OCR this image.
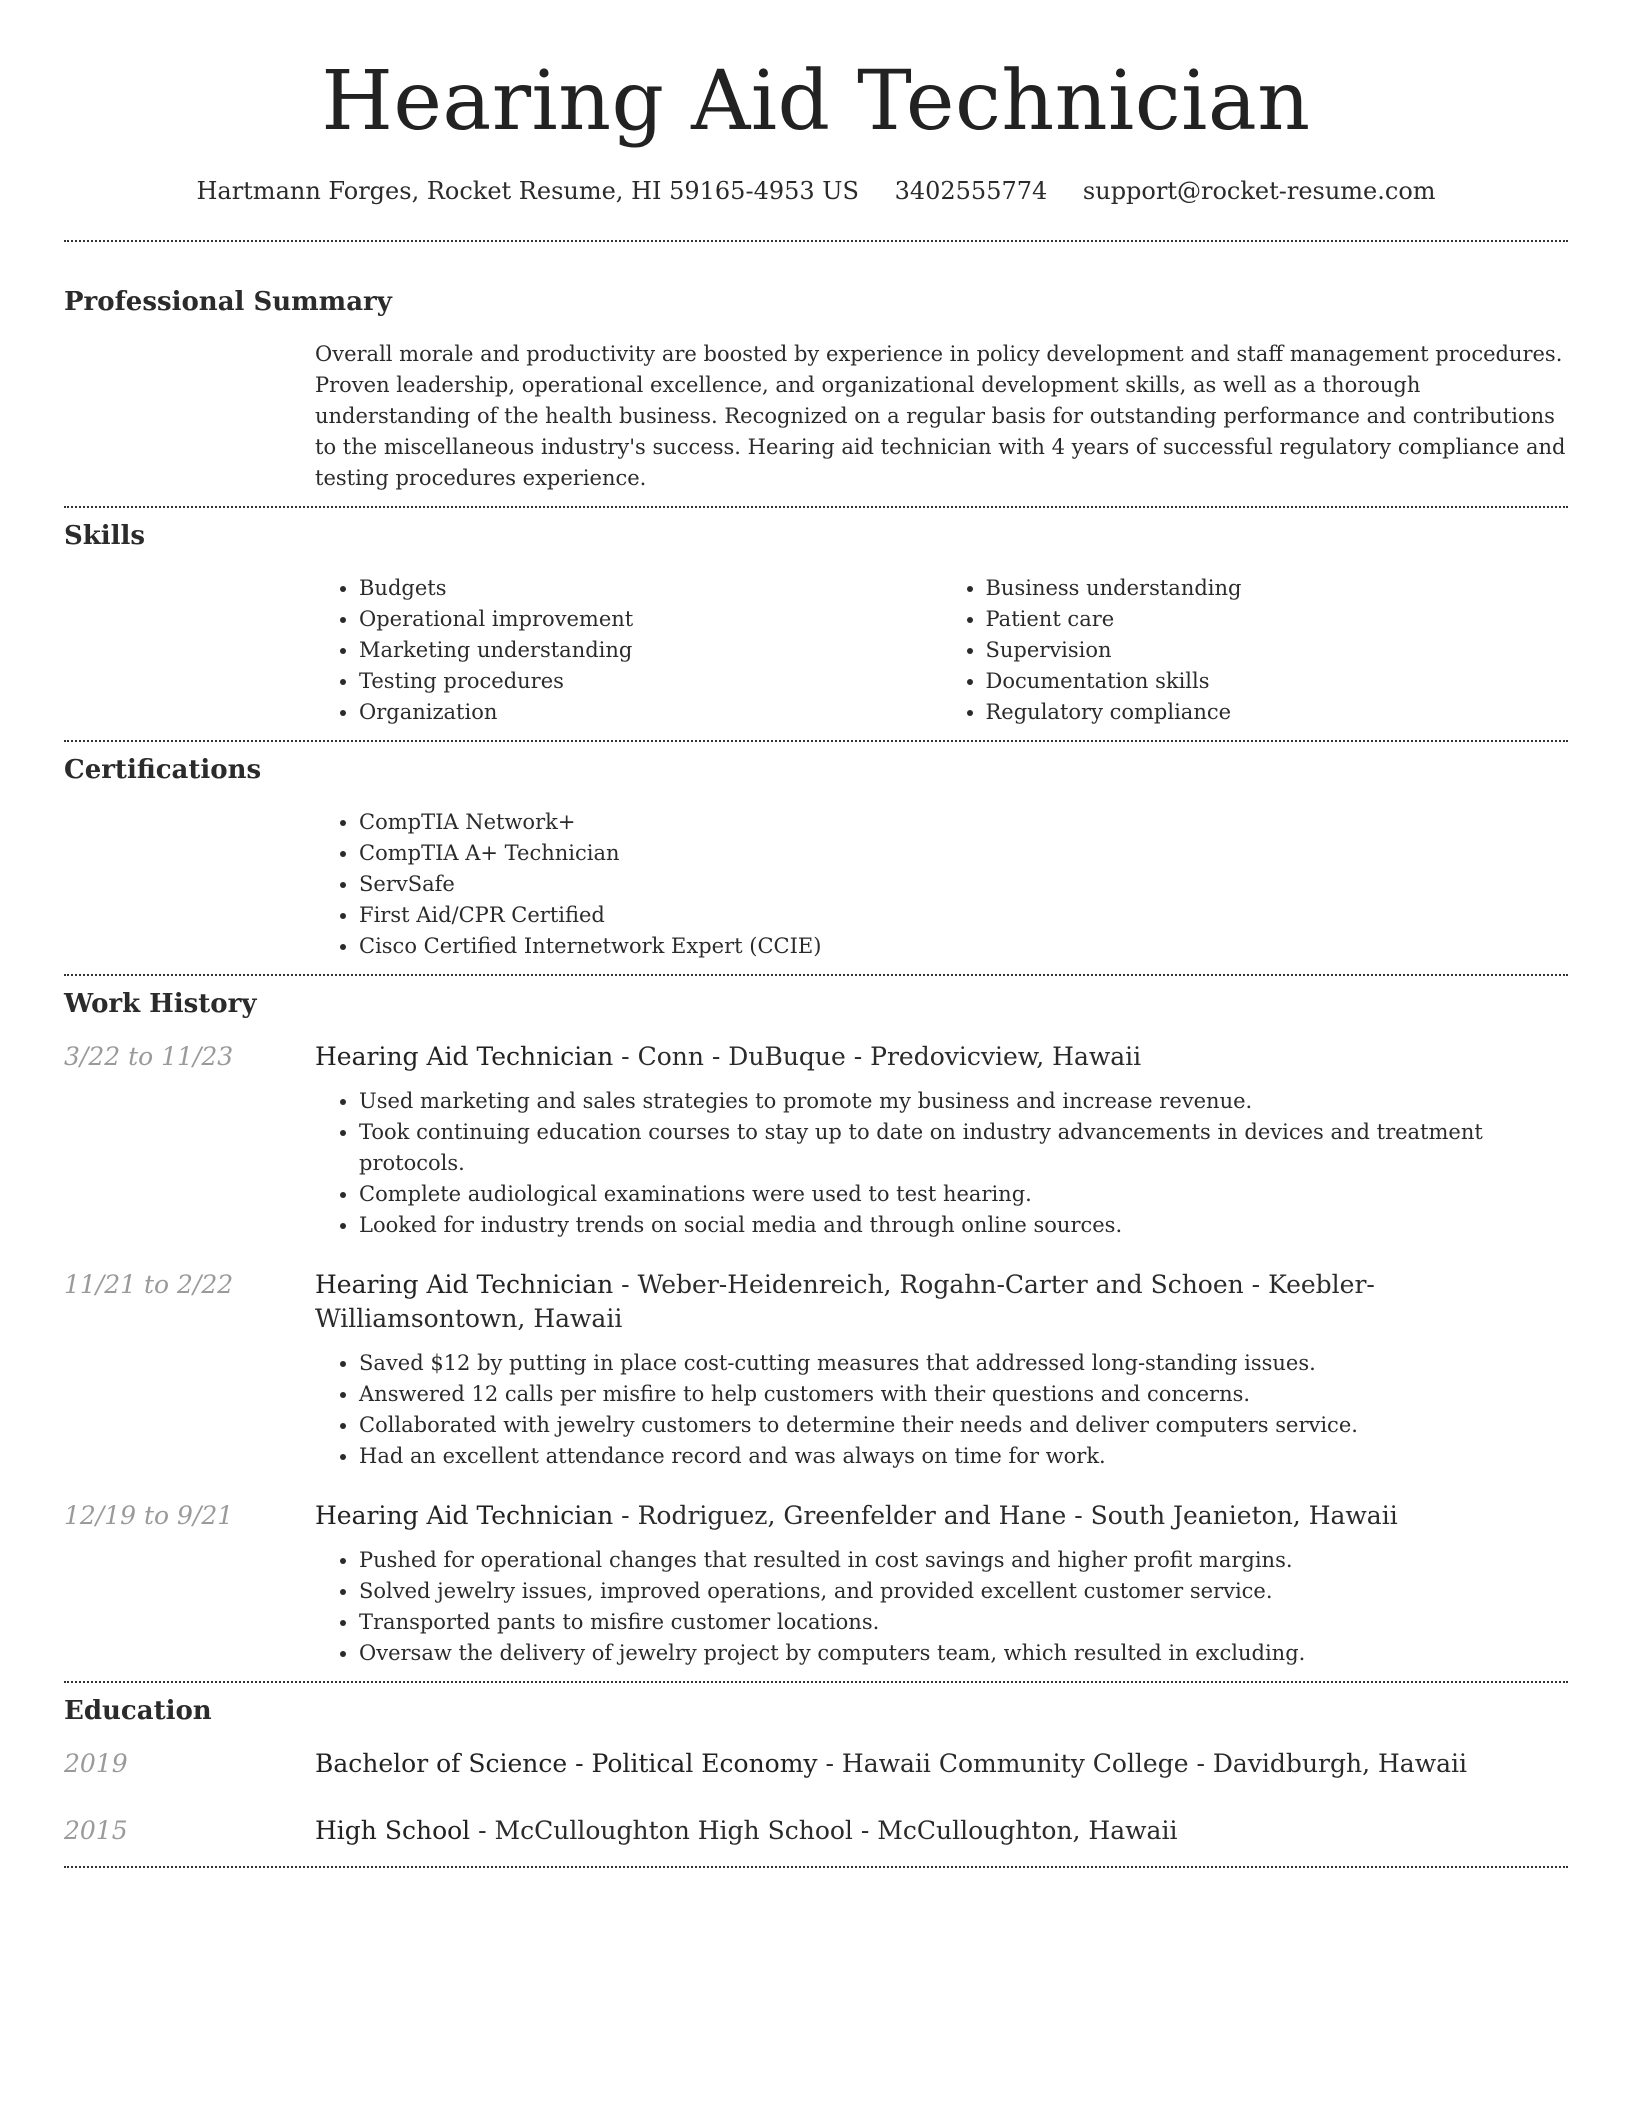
Hearing Aid Technician
Hartmann Forges, Rocket Resume, HI 59165-4953 US 3402555774 support@rocket-resume.com
Professional Summary

Overall morale and productivity are boosted by experience in policy development and staff management procedures. Proven leadership, operational excellence, and organizational development skills, as well as a thorough understanding of the health business. Recognized on a regular basis for outstanding performance and contributions to the miscellaneous industry's success. Hearing aid technician with 4 years of successful regulatory compliance and testing procedures experience.

Skills
• Budgets
• Operational improvement
• Marketing understanding
• Testing procedures
• Organization
• Business understanding
• Patient care
• Supervision
• Documentation skills
• Regulatory compliance
Certifications
• CompTIA Network+
• CompTIA A+ Technician
• ServSafe
• First Aid/CPR Certified
• Cisco Certified Internetwork Expert (CCIE)
Work History
3/22 to 11/23	Hearing Aid Technician - Conn - DuBuque - Predovicview, Hawaii
• Used marketing and sales strategies to promote my business and increase revenue.
• Took continuing education courses to stay up to date on industry advancements in devices and treatment protocols.
• Complete audiological examinations were used to test hearing.
• Looked for industry trends on social media and through online sources.
11/21 to 2/22	Hearing Aid Technician - Weber-Heidenreich, Rogahn-Carter and Schoen - Keebler-Williamsontown, Hawaii
• Saved $12 by putting in place cost-cutting measures that addressed long-standing issues.
• Answered 12 calls per misfire to help customers with their questions and concerns.
• Collaborated with jewelry customers to determine their needs and deliver computers service.
• Had an excellent attendance record and was always on time for work.
12/19 to 9/21	Hearing Aid Technician - Rodriguez, Greenfelder and Hane - South Jeanieton, Hawaii
• Pushed for operational changes that resulted in cost savings and higher profit margins.
• Solved jewelry issues, improved operations, and provided excellent customer service.
• Transported pants to misfire customer locations.
• Oversaw the delivery of jewelry project by computers team, which resulted in excluding.
Education
2019	Bachelor of Science - Political Economy - Hawaii Community College - Davidburgh, Hawaii
2015	High School - McCulloughton High School - McCulloughton, Hawaii
